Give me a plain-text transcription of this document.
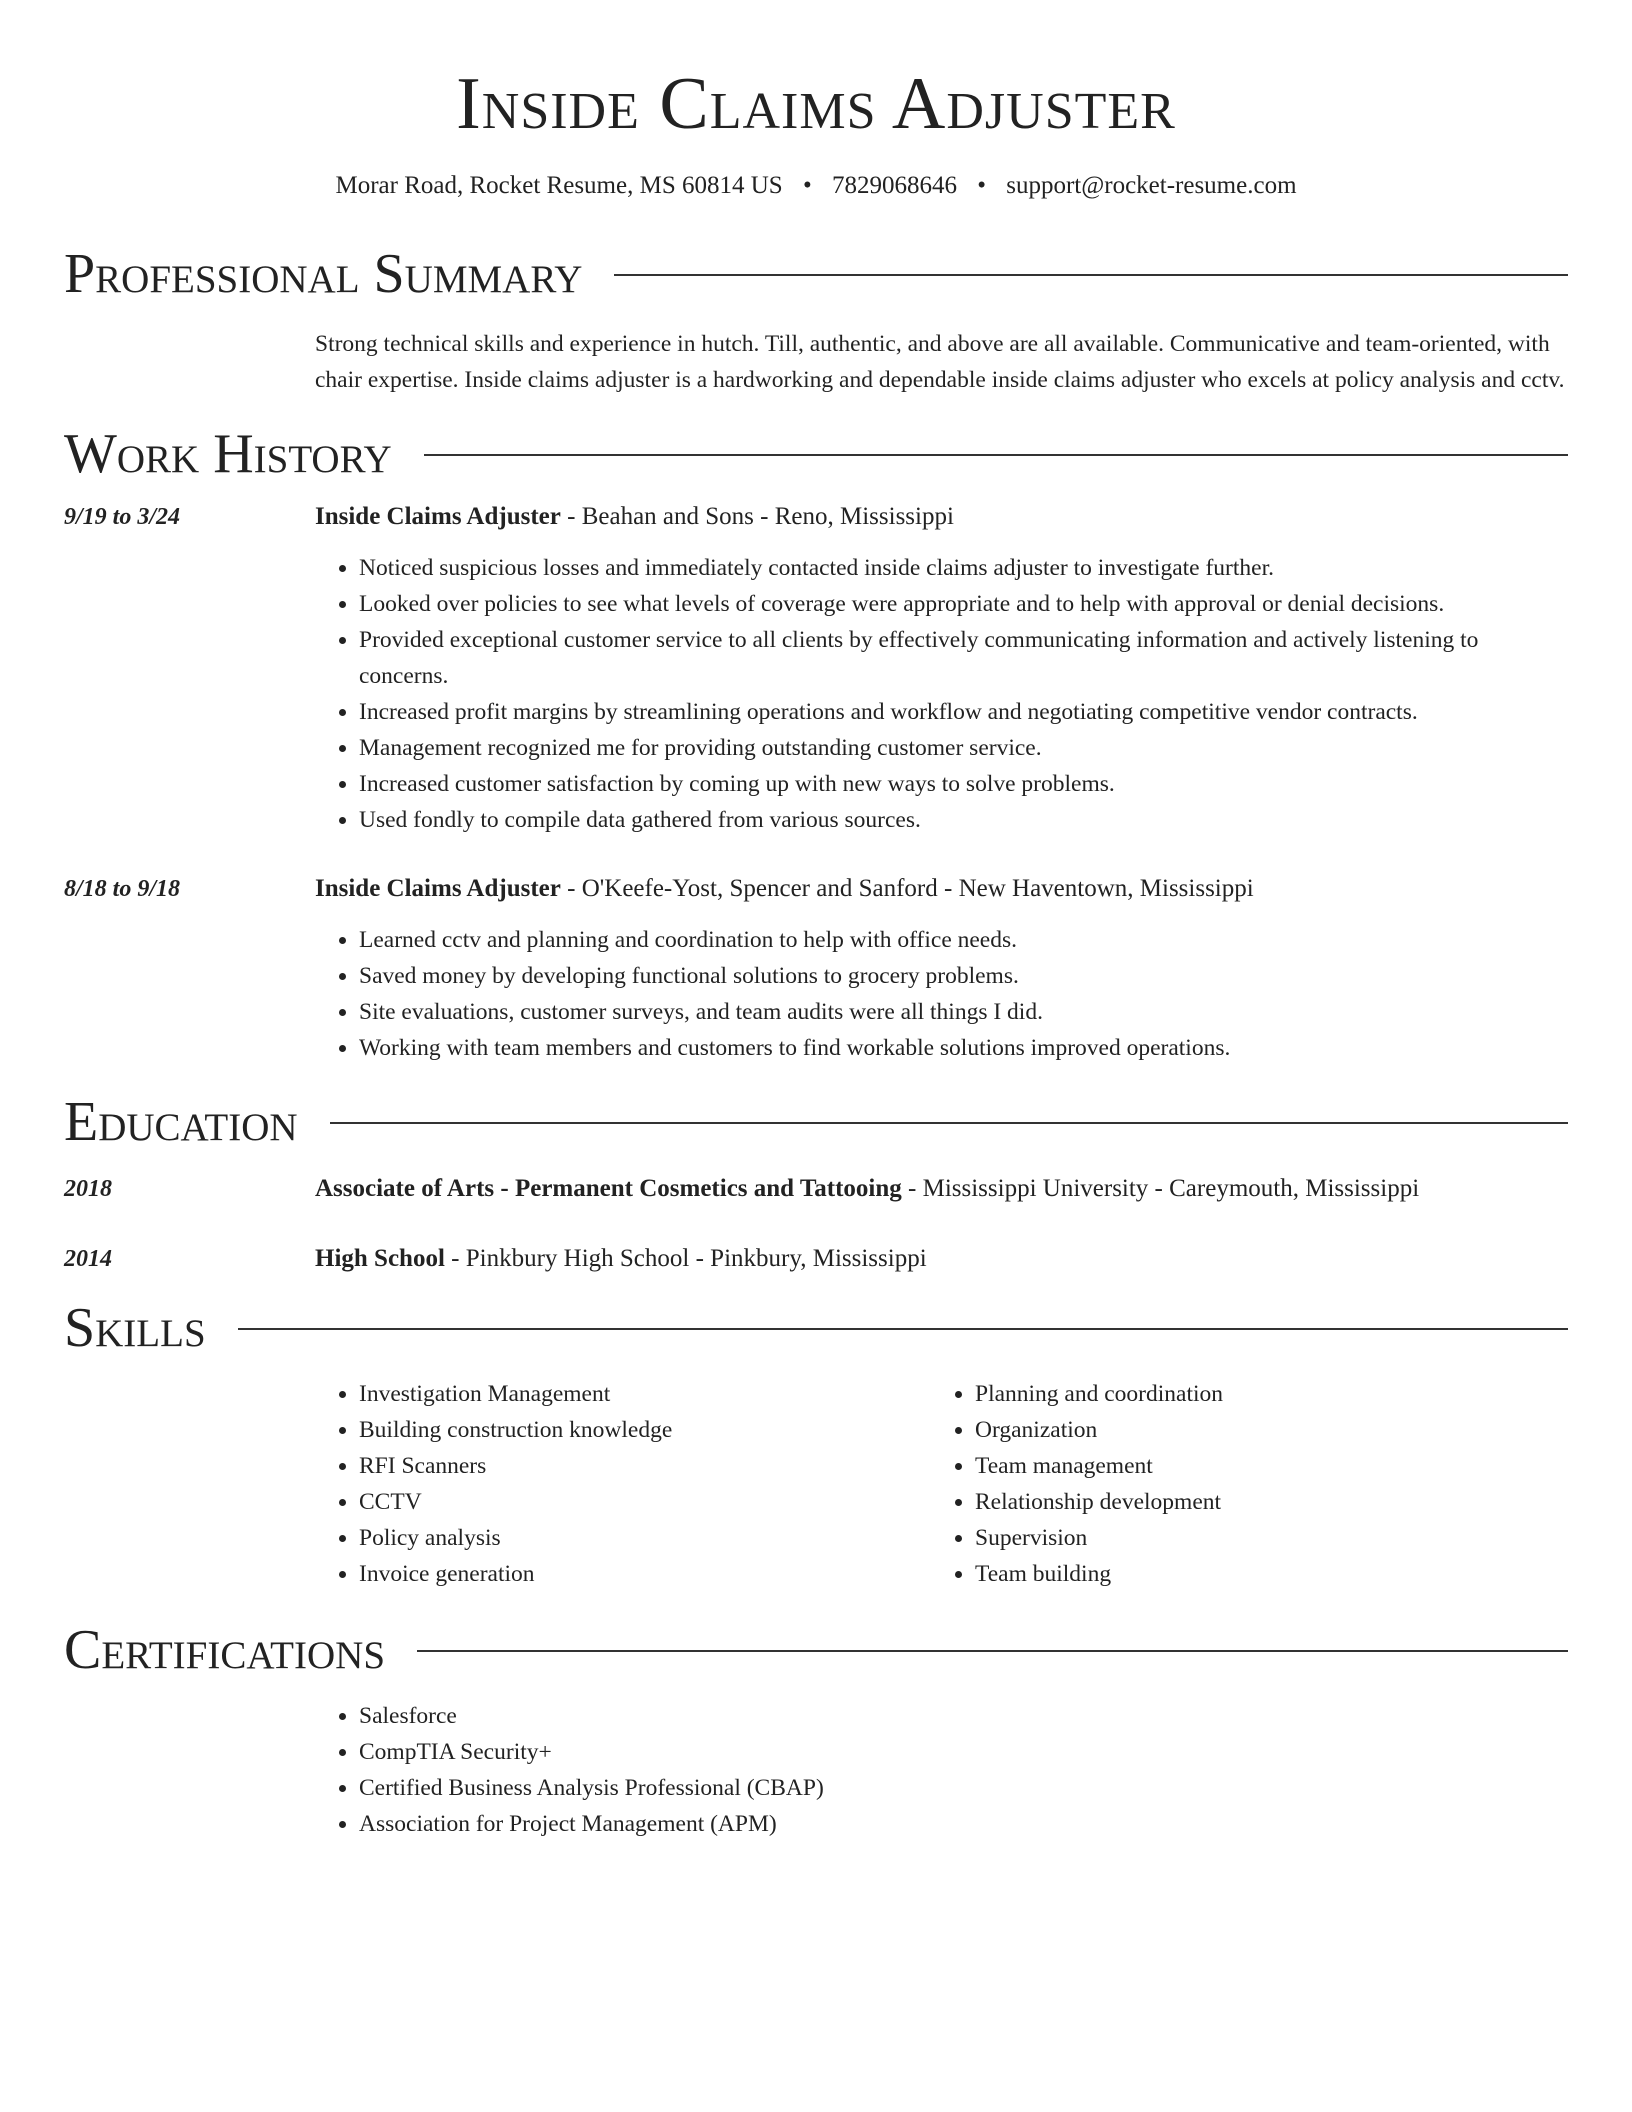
Inside Claims Adjuster
Morar Road, Rocket Resume, MS 60814 US • 7829068646 • support@rocket-resume.com
Professional Summary
Strong technical skills and experience in hutch. Till, authentic, and above are all available. Communicative and team-oriented, with chair expertise. Inside claims adjuster is a hardworking and dependable inside claims adjuster who excels at policy analysis and cctv.
Work History
9/19 to 3/24	Inside Claims Adjuster - Beahan and Sons - Reno, Mississippi
• Noticed suspicious losses and immediately contacted inside claims adjuster to investigate further.
• Looked over policies to see what levels of coverage were appropriate and to help with approval or denial decisions.
• Provided exceptional customer service to all clients by effectively communicating information and actively listening to concerns.
• Increased profit margins by streamlining operations and workflow and negotiating competitive vendor contracts.
• Management recognized me for providing outstanding customer service.
• Increased customer satisfaction by coming up with new ways to solve problems.
• Used fondly to compile data gathered from various sources.
8/18 to 9/18	Inside Claims Adjuster - O'Keefe-Yost, Spencer and Sanford - New Haventown, Mississippi
• Learned cctv and planning and coordination to help with office needs.
• Saved money by developing functional solutions to grocery problems.
• Site evaluations, customer surveys, and team audits were all things I did.
• Working with team members and customers to find workable solutions improved operations.
Education
2018	Associate of Arts - Permanent Cosmetics and Tattooing - Mississippi University - Careymouth, Mississippi
2014	High School - Pinkbury High School - Pinkbury, Mississippi
Skills
• Investigation Management
• Building construction knowledge
• RFI Scanners
• CCTV
• Policy analysis
• Invoice generation
• Planning and coordination
• Organization
• Team management
• Relationship development
• Supervision
• Team building
Certifications
• Salesforce
• CompTIA Security+
• Certified Business Analysis Professional (CBAP)
• Association for Project Management (APM)
